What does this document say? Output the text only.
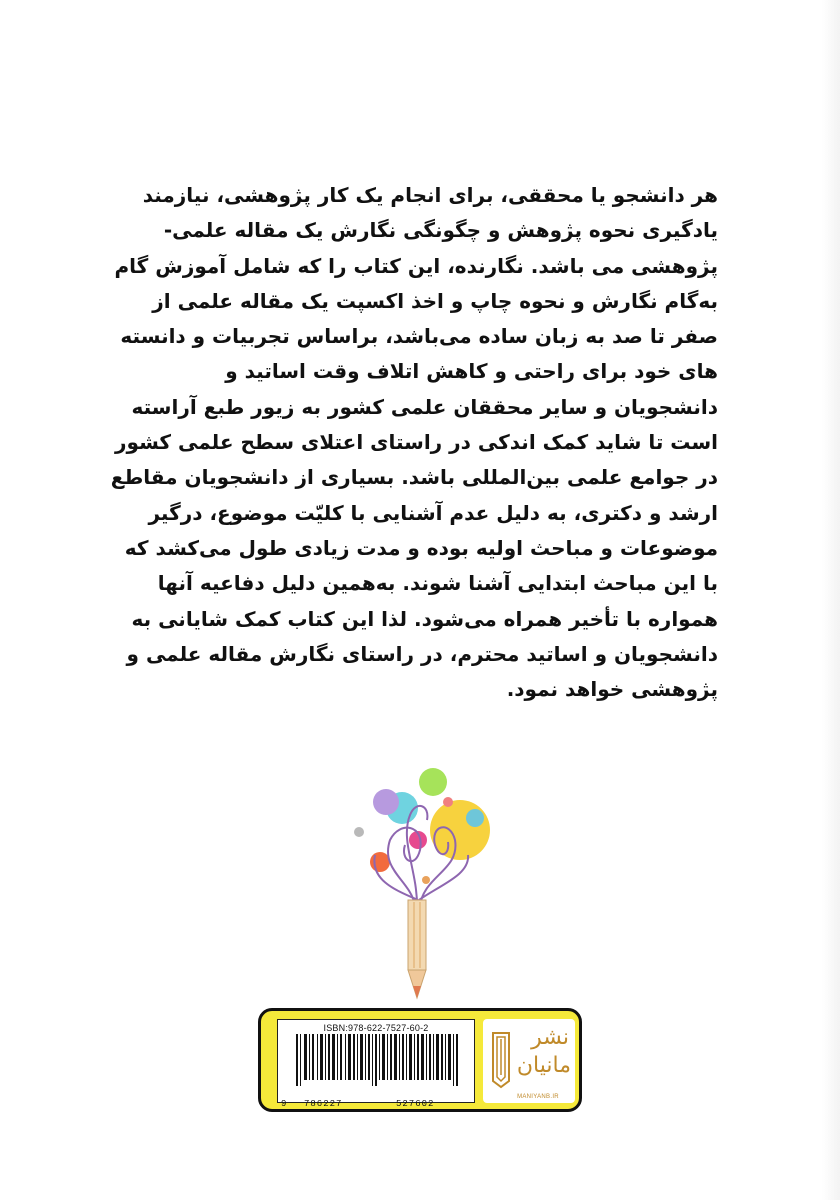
هر دانشجو یا محققی، برای انجام یک کار پژوهشی، نیازمند
یادگیری نحوه پژوهش و چگونگی نگارش یک مقاله علمی-
پژوهشی می باشد. نگارنده، این کتاب را که شامل آموزش گام
به‌گام نگارش و نحوه چاپ و اخذ اکسپت یک مقاله علمی از
صفر تا صد به زبان ساده می‌باشد، براساس تجربیات و دانسته
های خود برای راحتی و کاهش اتلاف وقت اساتید و
دانشجویان و سایر محققان علمی کشور به زیور طبع آراسته
است تا شاید کمک اندکی در راستای اعتلای سطح علمی کشور
در جوامع علمی بین‌المللی باشد. بسیاری از دانشجویان مقاطع
ارشد و دکتری، به دلیل عدم آشنایی با کلیّت موضوع، درگیر
موضوعات و مباحث اولیه بوده و مدت زیادی طول می‌کشد که
با این مباحث ابتدایی آشنا شوند. به‌همین دلیل دفاعیه آنها
همواره با تأخیر همراه می‌شود. لذا این کتاب کمک شایانی به
دانشجویان و اساتید محترم، در راستای نگارش مقاله علمی و
پژوهشی خواهد نمود.
ISBN:978-622-7527-60-2
9 786227	527602
نشر
مانیان
MANIYANB.IR
